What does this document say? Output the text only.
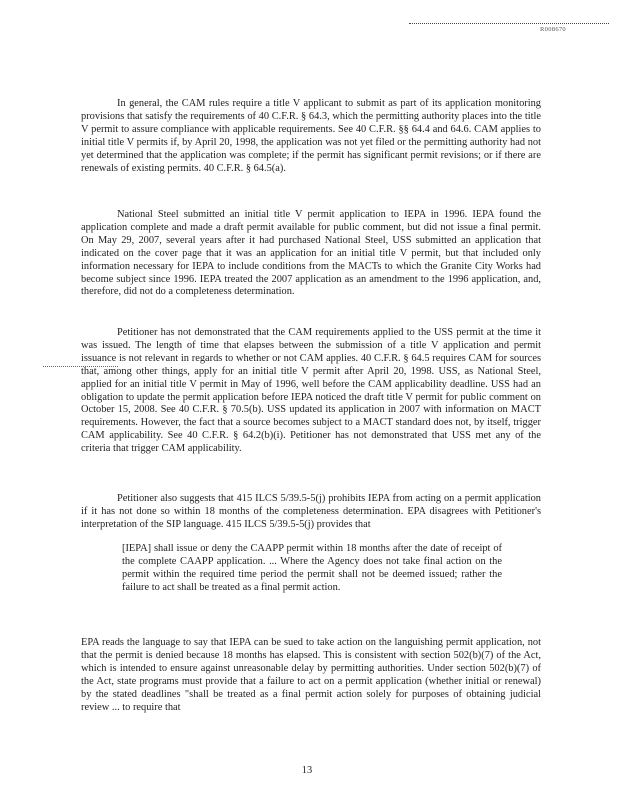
R008670

In general, the CAM rules require a title V applicant to submit as part of its application monitoring provisions that satisfy the requirements of 40 C.F.R. § 64.3, which the permitting authority places into the title V permit to assure compliance with applicable requirements. See 40 C.F.R. §§ 64.4 and 64.6. CAM applies to initial title V permits if, by April 20, 1998, the application was not yet filed or the permitting authority had not yet determined that the application was complete; if the permit has significant permit revisions; or if there are renewals of existing permits. 40 C.F.R. § 64.5(a).

National Steel submitted an initial title V permit application to IEPA in 1996. IEPA found the application complete and made a draft permit available for public comment, but did not issue a final permit. On May 29, 2007, several years after it had purchased National Steel, USS submitted an application that indicated on the cover page that it was an application for an initial title V permit, but that included only information necessary for IEPA to include conditions from the MACTs to which the Granite City Works had become subject since 1996. IEPA treated the 2007 application as an amendment to the 1996 application, and, therefore, did not do a completeness determination.

Petitioner has not demonstrated that the CAM requirements applied to the USS permit at the time it was issued. The length of time that elapses between the submission of a title V application and permit issuance is not relevant in regards to whether or not CAM applies. 40 C.F.R. § 64.5 requires CAM for sources that, among other things, apply for an initial title V permit after April 20, 1998. USS, as National Steel, applied for an initial title V permit in May of 1996, well before the CAM applicability deadline. USS had an obligation to update the permit application before IEPA noticed the draft title V permit for public comment on October 15, 2008. See 40 C.F.R. § 70.5(b). USS updated its application in 2007 with information on MACT requirements. However, the fact that a source becomes subject to a MACT standard does not, by itself, trigger CAM applicability. See 40 C.F.R. § 64.2(b)(i). Petitioner has not demonstrated that USS met any of the criteria that trigger CAM applicability.

Petitioner also suggests that 415 ILCS 5/39.5-5(j) prohibits IEPA from acting on a permit application if it has not done so within 18 months of the completeness determination. EPA disagrees with Petitioner's interpretation of the SIP language. 415 ILCS 5/39.5-5(j) provides that

[IEPA] shall issue or deny the CAAPP permit within 18 months after the date of receipt of the complete CAAPP application. ... Where the Agency does not take final action on the permit within the required time period the permit shall not be deemed issued; rather the failure to act shall be treated as a final permit action.

EPA reads the language to say that IEPA can be sued to take action on the languishing permit application, not that the permit is denied because 18 months has elapsed. This is consistent with section 502(b)(7) of the Act, which is intended to ensure against unreasonable delay by permitting authorities. Under section 502(b)(7) of the Act, state programs must provide that a failure to act on a permit application (whether initial or renewal) by the stated deadlines "shall be treated as a final permit action solely for purposes of obtaining judicial review ... to require that

13
